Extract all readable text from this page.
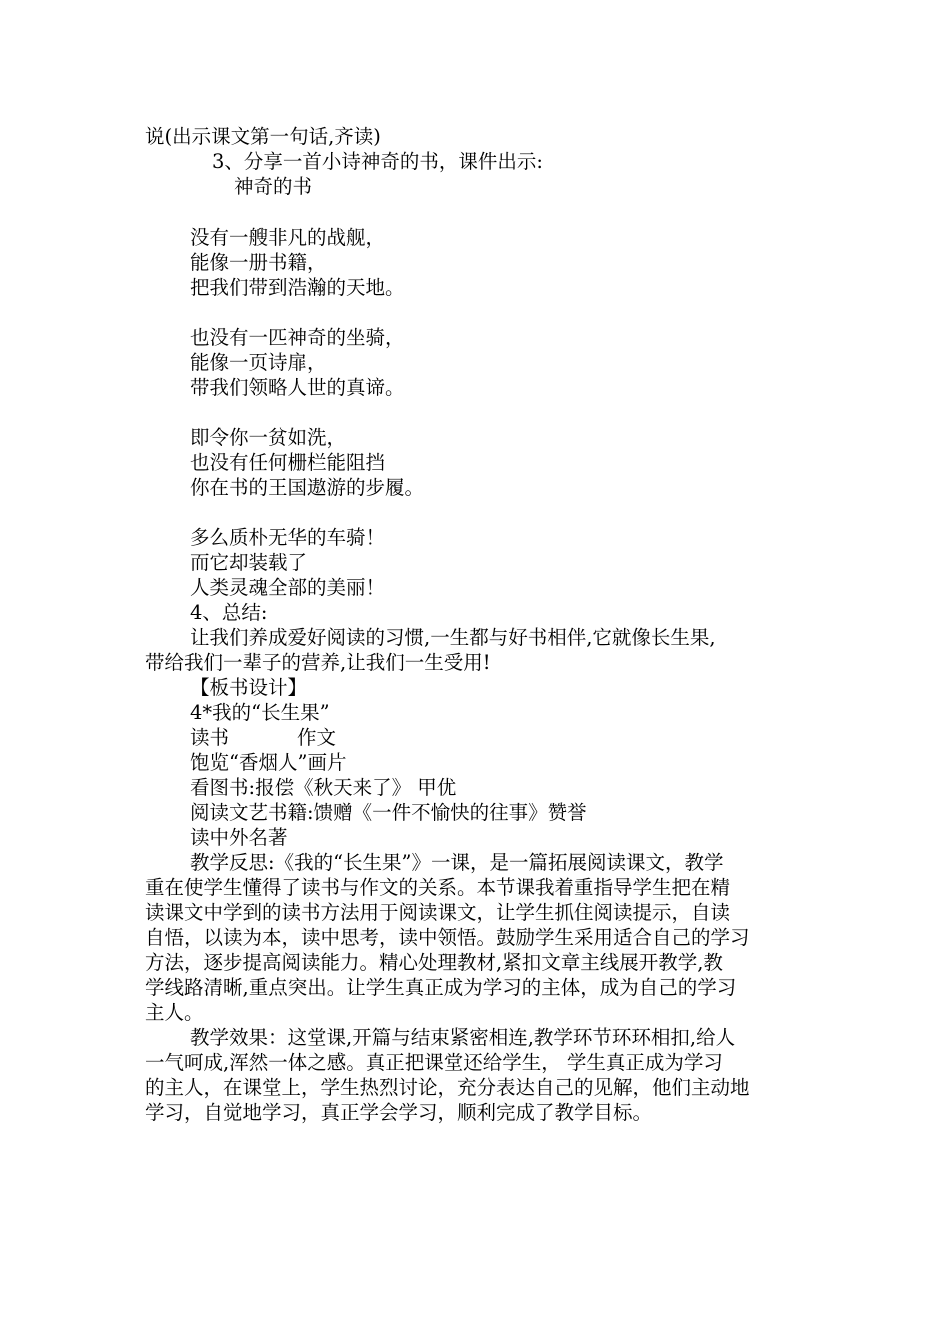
说(出示课文第一句话,齐读)
3、分享一首小诗神奇的书，课件出示:
神奇的书
没有一艘非凡的战舰，
能像一册书籍，
把我们带到浩瀚的天地。
也没有一匹神奇的坐骑，
能像一页诗扉，
带我们领略人世的真谛。
即令你一贫如洗，
也没有任何栅栏能阻挡
你在书的王国遨游的步履。
多么质朴无华的车骑！
而它却装载了
人类灵魂全部的美丽！
4、总结:
让我们养成爱好阅读的习惯,一生都与好书相伴,它就像长生果,
带给我们一辈子的营养,让我们一生受用!
【板书设计】
4*我的“长生果”
读书	作文
饱览“香烟人”画片
看图书:报偿《秋天来了》 甲优
阅读文艺书籍:馈赠《一件不愉快的往事》赞誉
读中外名著
教学反思:《我的“长生果”》一课，是一篇拓展阅读课文，教学
重在使学生懂得了读书与作文的关系。本节课我着重指导学生把在精
读课文中学到的读书方法用于阅读课文，让学生抓住阅读提示，自读
自悟，以读为本，读中思考，读中领悟。鼓励学生采用适合自己的学习
方法，逐步提高阅读能力。精心处理教材,紧扣文章主线展开教学,教
学线路清晰,重点突出。让学生真正成为学习的主体，成为自己的学习
主人。
教学效果：这堂课,开篇与结束紧密相连,教学环节环环相扣,给人
一气呵成,浑然一体之感。真正把课堂还给学生， 学生真正成为学习
的主人，在课堂上，学生热烈讨论，充分表达自己的见解，他们主动地
学习，自觉地学习，真正学会学习，顺利完成了教学目标。
